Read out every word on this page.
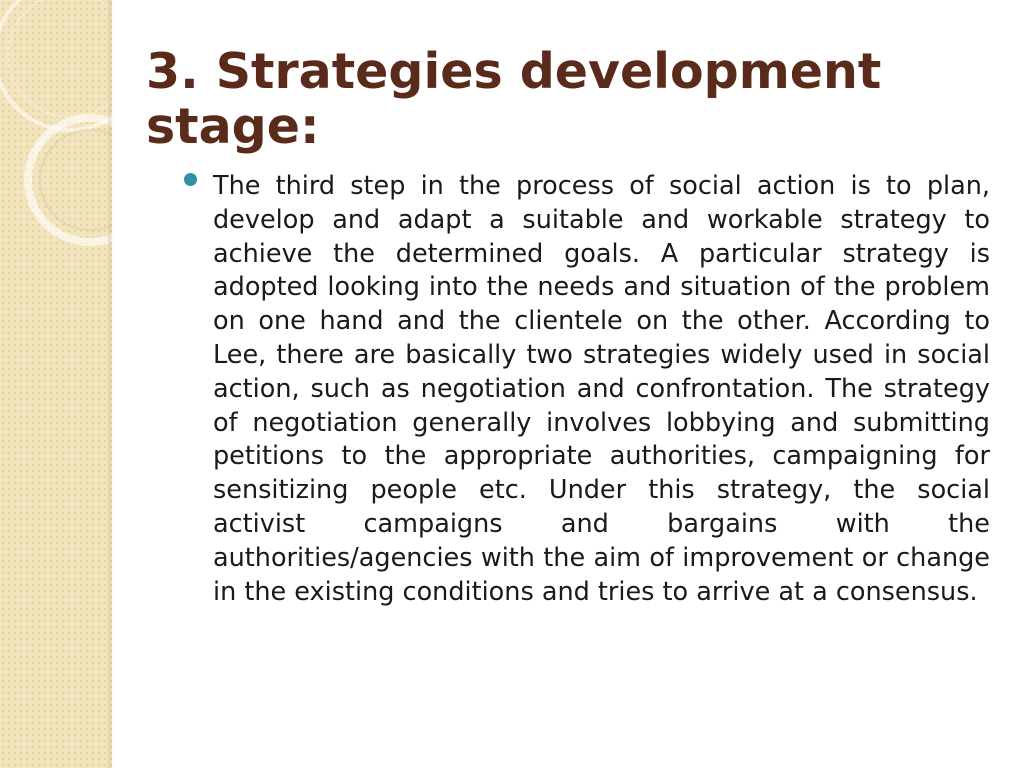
3. Strategies development stage:
The third step in the process of social action is to plan, develop and adapt a suitable and workable strategy to achieve the determined goals. A particular strategy is adopted looking into the needs and situation of the problem on one hand and the clientele on the other. According to Lee, there are basically two strategies widely used in social action, such as negotiation and confrontation. The strategy of negotiation generally involves lobbying and submitting petitions to the appropriate authorities, campaigning for sensitizing people etc. Under this strategy, the social activist campaigns and bargains with the authorities/agencies with the aim of improvement or change in the existing conditions and tries to arrive at a consensus.
